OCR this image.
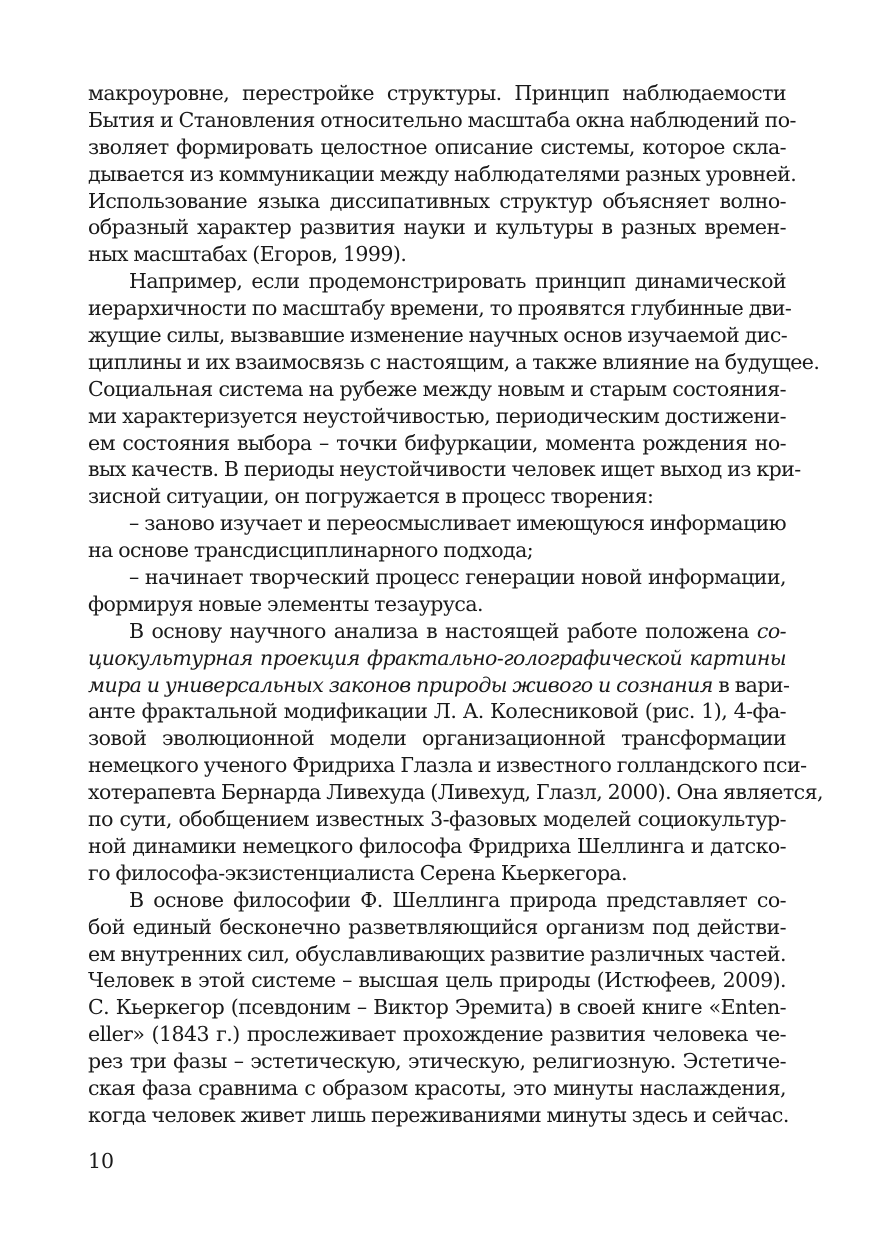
макроуровне, перестройке структуры. Принцип наблюдаемости
Бытия и Становления относительно масштаба окна наблюдений по-
зволяет формировать целостное описание системы, которое скла-
дывается из коммуникации между наблюдателями разных уровней.
Использование языка диссипативных структур объясняет волно-
образный характер развития науки и культуры в разных времен-
ных масштабах (Егоров, 1999).
Например, если продемонстрировать принцип динамической
иерархичности по масштабу времени, то проявятся глубинные дви-
жущие силы, вызвавшие изменение научных основ изучаемой дис-
циплины и их взаимосвязь с настоящим, а также влияние на будущее.
Социальная система на рубеже между новым и старым состояния-
ми характеризуется неустойчивостью, периодическим достижени-
ем состояния выбора – точки бифуркации, момента рождения но-
вых качеств. В периоды неустойчивости человек ищет выход из кри-
зисной ситуации, он погружается в процесс творения:
– заново изучает и переосмысливает имеющуюся информацию
на основе трансдисциплинарного подхода;
– начинает творческий процесс генерации новой информации,
формируя новые элементы тезауруса.
В основу научного анализа в настоящей работе положена со-
циокультурная проекция фрактально-голографической картины
мира и универсальных законов природы живого и сознания в вари-
анте фрактальной модификации Л. А. Колесниковой (рис. 1), 4-фа-
зовой эволюционной модели организационной трансформации
немецкого ученого Фридриха Глазла и известного голландского пси-
хотерапевта Бернарда Ливехуда (Ливехуд, Глазл, 2000). Она является,
по сути, обобщением известных 3-фазовых моделей социокультур-
ной динамики немецкого философа Фридриха Шеллинга и датско-
го философа-экзистенциалиста Серена Кьеркегора.
В основе философии Ф. Шеллинга природа представляет со-
бой единый бесконечно разветвляющийся организм под действи-
ем внутренних сил, обуславливающих развитие различных частей.
Человек в этой системе – высшая цель природы (Истюфеев, 2009).
С. Кьеркегор (псевдоним – Виктор Эремита) в своей книге «Enten-
eller» (1843 г.) прослеживает прохождение развития человека че-
рез три фазы – эстетическую, этическую, религиозную. Эстетиче-
ская фаза сравнима с образом красоты, это минуты наслаждения,
когда человек живет лишь переживаниями минуты здесь и сейчас.
10
